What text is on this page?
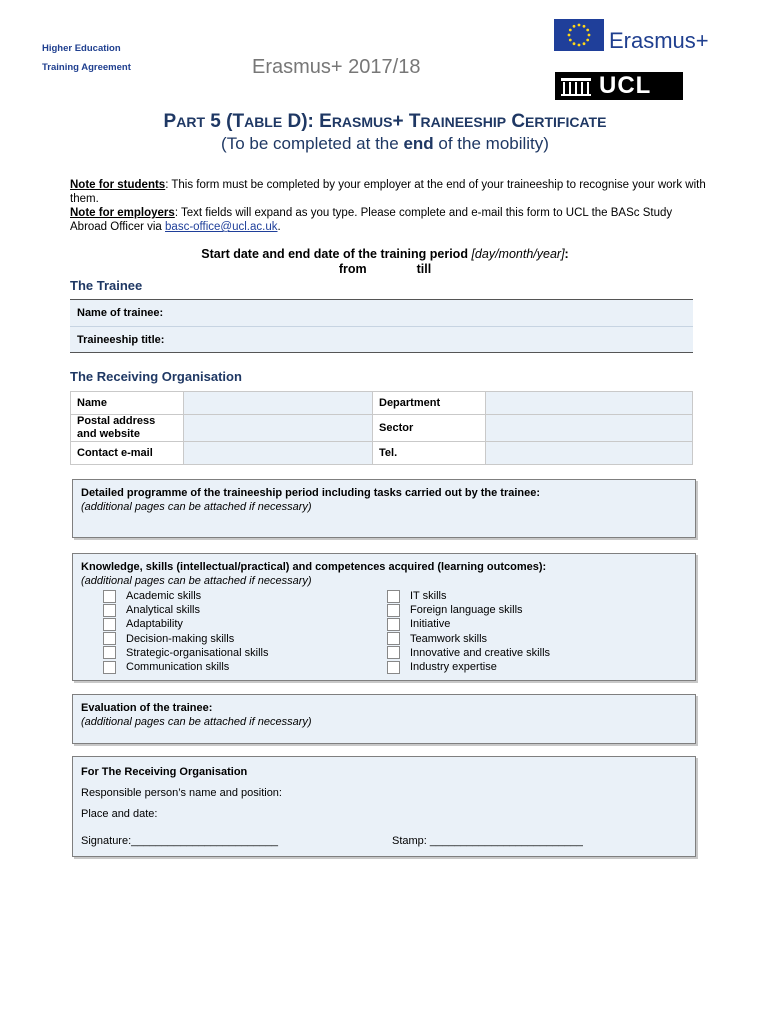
Higher Education
Training Agreement	Erasmus+ 2017/18
Erasmus+
UCL
PART 5 (TABLE D): ERASMUS+ TRAINEESHIP CERTIFICATE
(To be completed at the end of the mobility)
Note for students: This form must be completed by your employer at the end of your traineeship to recognise your work with them.
Note for employers: Text fields will expand as you type. Please complete and e-mail this form to UCL the BASc Study Abroad Officer via basc-office@ucl.ac.uk.
Start date and end date of the training period [day/month/year]:
from	till
The Trainee
Name of trainee:
Traineeship title:
The Receiving Organisation
Name		Department	
Postal address and website		Sector	
Contact e-mail		Tel.	
Detailed programme of the traineeship period including tasks carried out by the trainee:
(additional pages can be attached if necessary)
Knowledge, skills (intellectual/practical) and competences acquired (learning outcomes):
(additional pages can be attached if necessary)
Evaluation of the trainee:
(additional pages can be attached if necessary)
For The Receiving Organisation
Responsible person’s name and position:
Place and date:
Signature:________________________	Stamp: _________________________
Academic skills
Analytical skills
Adaptability
Decision-making skills
Strategic-organisational skills
Communication skills
IT skills
Foreign language skills
Initiative
Teamwork skills
Innovative and creative skills
Industry expertise
